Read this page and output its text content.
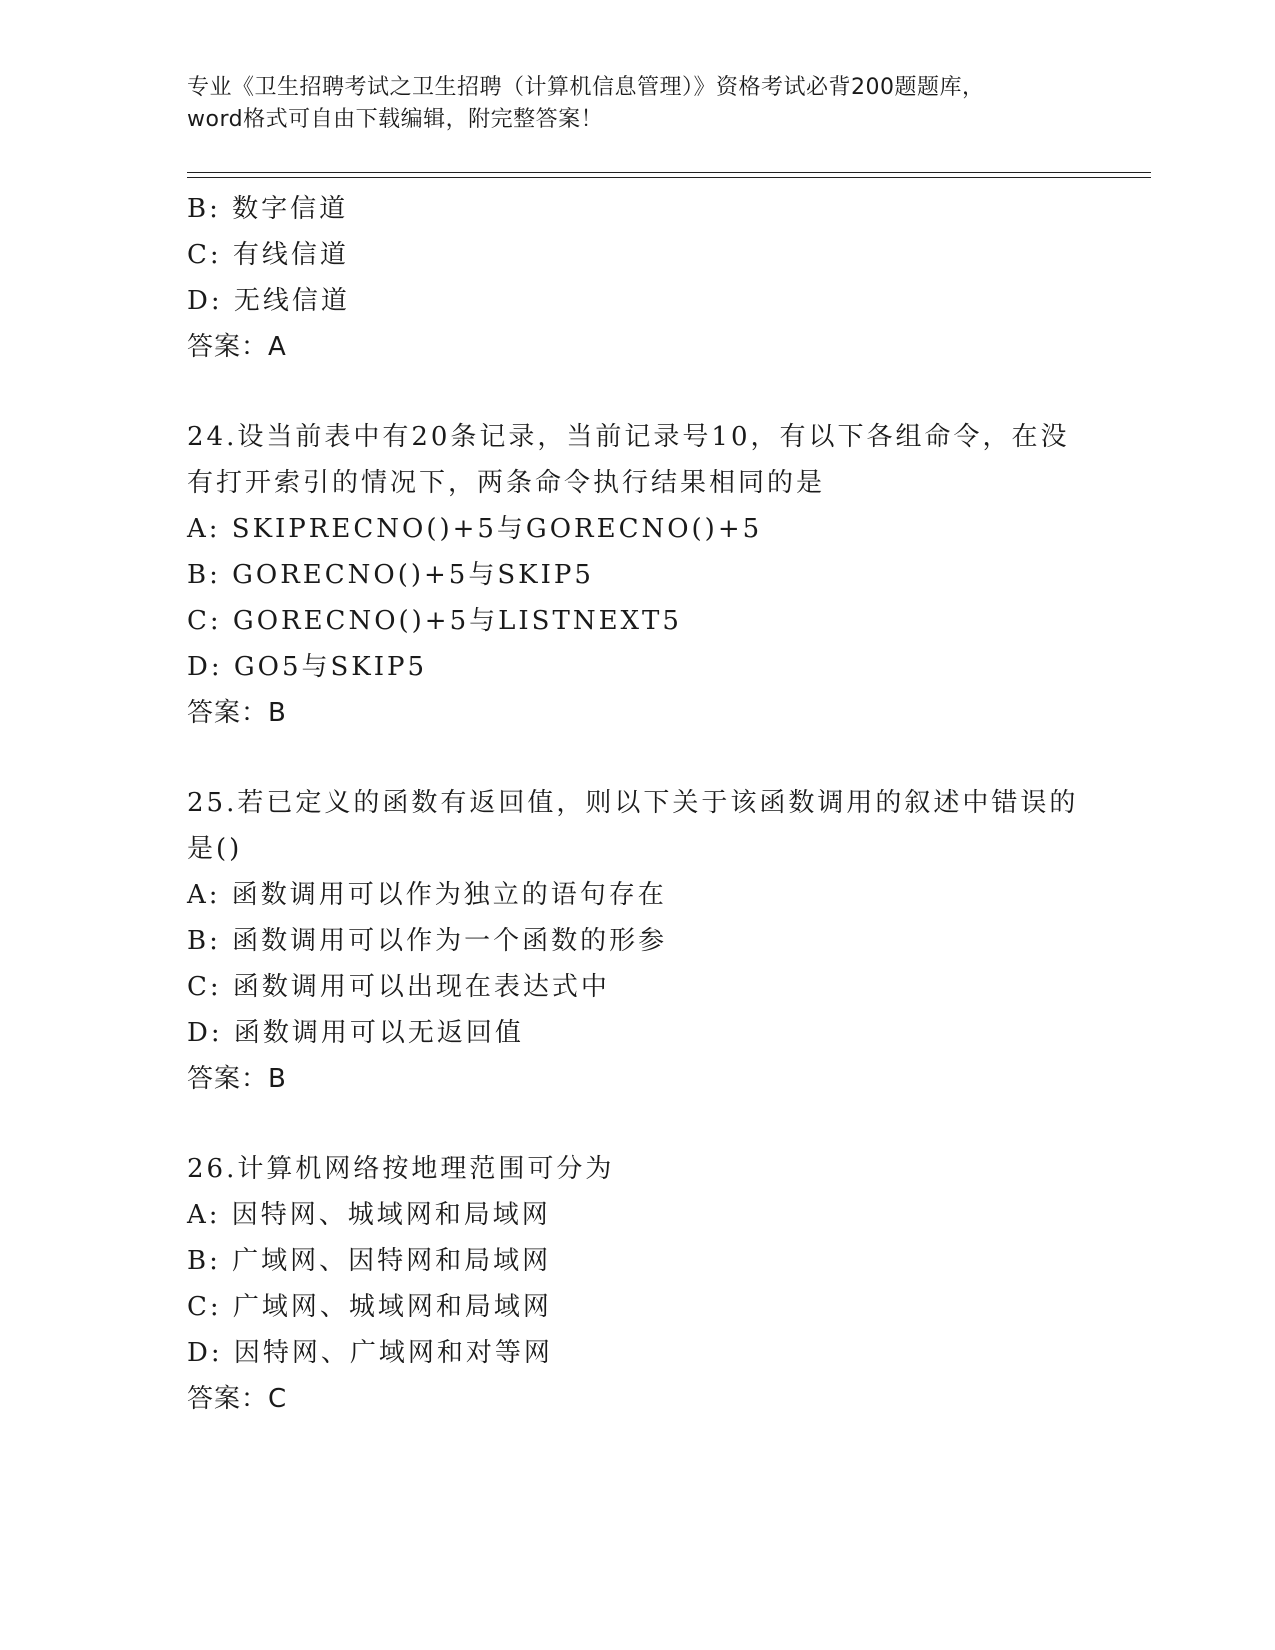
专业《卫生招聘考试之卫生招聘（计算机信息管理）》资格考试必背200题题库，
word格式可自由下载编辑，附完整答案！
B: 数字信道
C: 有线信道
D: 无线信道
答案：A
24.设当前表中有20条记录，当前记录号10，有以下各组命令，在没
有打开索引的情况下，两条命令执行结果相同的是
A: SKIPRECNO()+5与GORECNO()+5
B: GORECNO()+5与SKIP5
C: GORECNO()+5与LISTNEXT5
D: GO5与SKIP5
答案：B
25.若已定义的函数有返回值，则以下关于该函数调用的叙述中错误的
是()
A: 函数调用可以作为独立的语句存在
B: 函数调用可以作为一个函数的形参
C: 函数调用可以出现在表达式中
D: 函数调用可以无返回值
答案：B
26.计算机网络按地理范围可分为
A: 因特网、城域网和局域网
B: 广域网、因特网和局域网
C: 广域网、城域网和局域网
D: 因特网、广域网和对等网
答案：C
